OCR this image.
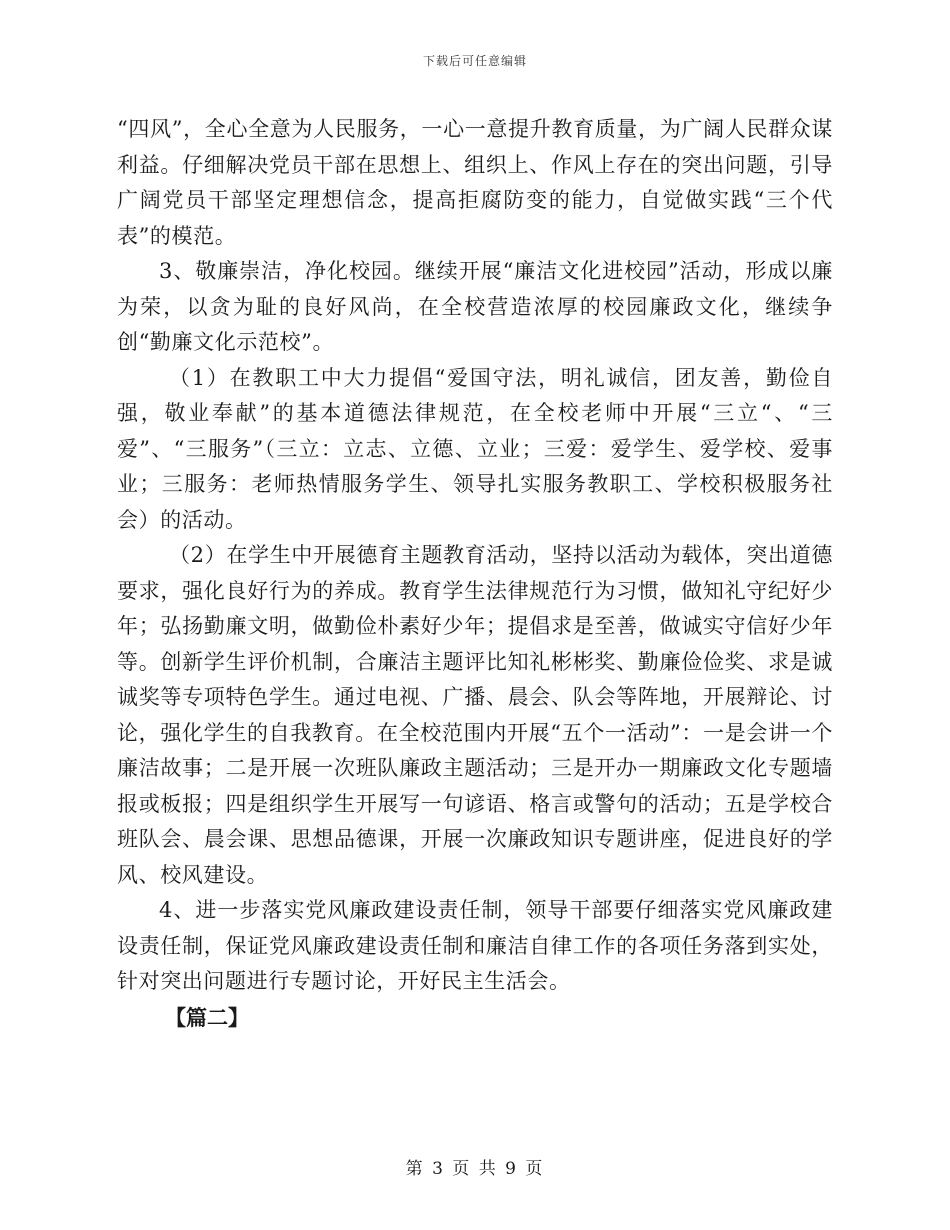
下载后可任意编辑

“四风”，全心全意为人民服务，一心一意提升教育质量，为广阔人民群众谋利益。仔细解决党员干部在思想上、组织上、作风上存在的突出问题，引导广阔党员干部坚定理想信念，提高拒腐防变的能力，自觉做实践“三个代表”的模范。

3、敬廉崇洁，净化校园。继续开展“廉洁文化进校园”活动，形成以廉为荣，以贪为耻的良好风尚，在全校营造浓厚的校园廉政文化，继续争创“勤廉文化示范校”。

（1）在教职工中大力提倡“爱国守法，明礼诚信，团友善，勤俭自强，敬业奉献”的基本道德法律规范，在全校老师中开展“三立“、“三爱”、“三服务”（三立：立志、立德、立业；三爱：爱学生、爱学校、爱事业；三服务：老师热情服务学生、领导扎实服务教职工、学校积极服务社会）的活动。

（2）在学生中开展德育主题教育活动，坚持以活动为载体，突出道德要求，强化良好行为的养成。教育学生法律规范行为习惯，做知礼守纪好少年；弘扬勤廉文明，做勤俭朴素好少年；提倡求是至善，做诚实守信好少年等。创新学生评价机制，合廉洁主题评比知礼彬彬奖、勤廉俭俭奖、求是诚诚奖等专项特色学生。通过电视、广播、晨会、队会等阵地，开展辩论、讨论，强化学生的自我教育。在全校范围内开展“五个一活动”：一是会讲一个廉洁故事；二是开展一次班队廉政主题活动；三是开办一期廉政文化专题墙报或板报；四是组织学生开展写一句谚语、格言或警句的活动；五是学校合班队会、晨会课、思想品德课，开展一次廉政知识专题讲座，促进良好的学风、校风建设。

4、进一步落实党风廉政建设责任制，领导干部要仔细落实党风廉政建设责任制，保证党风廉政建设责任制和廉洁自律工作的各项任务落到实处，针对突出问题进行专题讨论，开好民主生活会。

【篇二】

第 3 页 共 9 页
